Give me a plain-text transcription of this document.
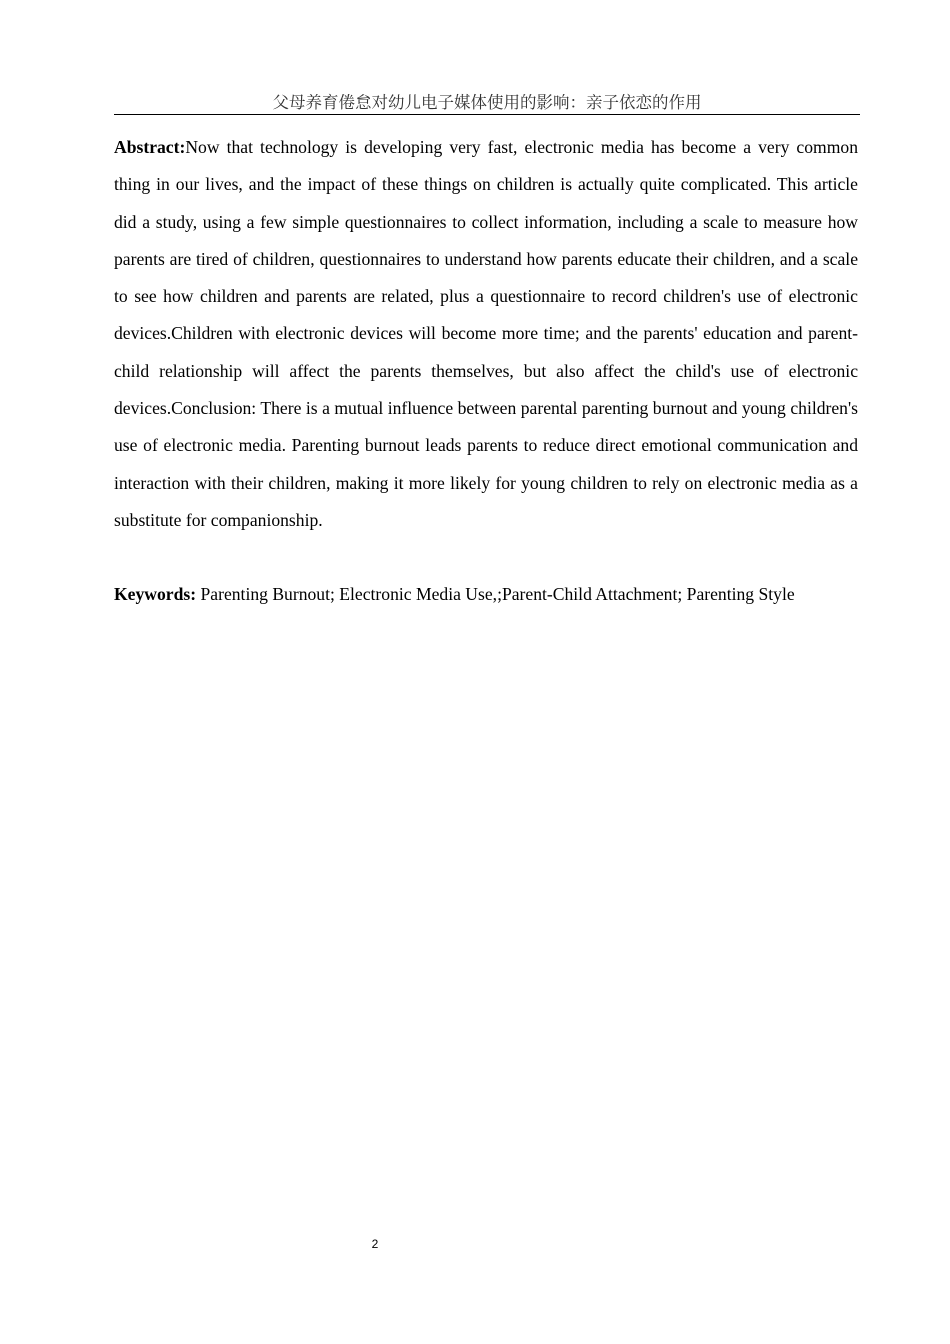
父母养育倦怠对幼儿电子媒体使用的影响：亲子依恋的作用

Abstract:Now that technology is developing very fast, electronic media has become a very common thing in our lives, and the impact of these things on children is actually quite complicated. This article did a study, using a few simple questionnaires to collect information, including a scale to measure how parents are tired of children, questionnaires to understand how parents educate their children, and a scale to see how children and parents are related, plus a questionnaire to record children's use of electronic devices.Children with electronic devices will become more time; and the parents' education and parent-child relationship will affect the parents themselves, but also affect the child's use of electronic devices.Conclusion: There is a mutual influence between parental parenting burnout and young children's use of electronic media. Parenting burnout leads parents to reduce direct emotional communication and interaction with their children, making it more likely for young children to rely on electronic media as a substitute for companionship.

Keywords: Parenting Burnout; Electronic Media Use,;Parent-Child Attachment; Parenting Style

2
